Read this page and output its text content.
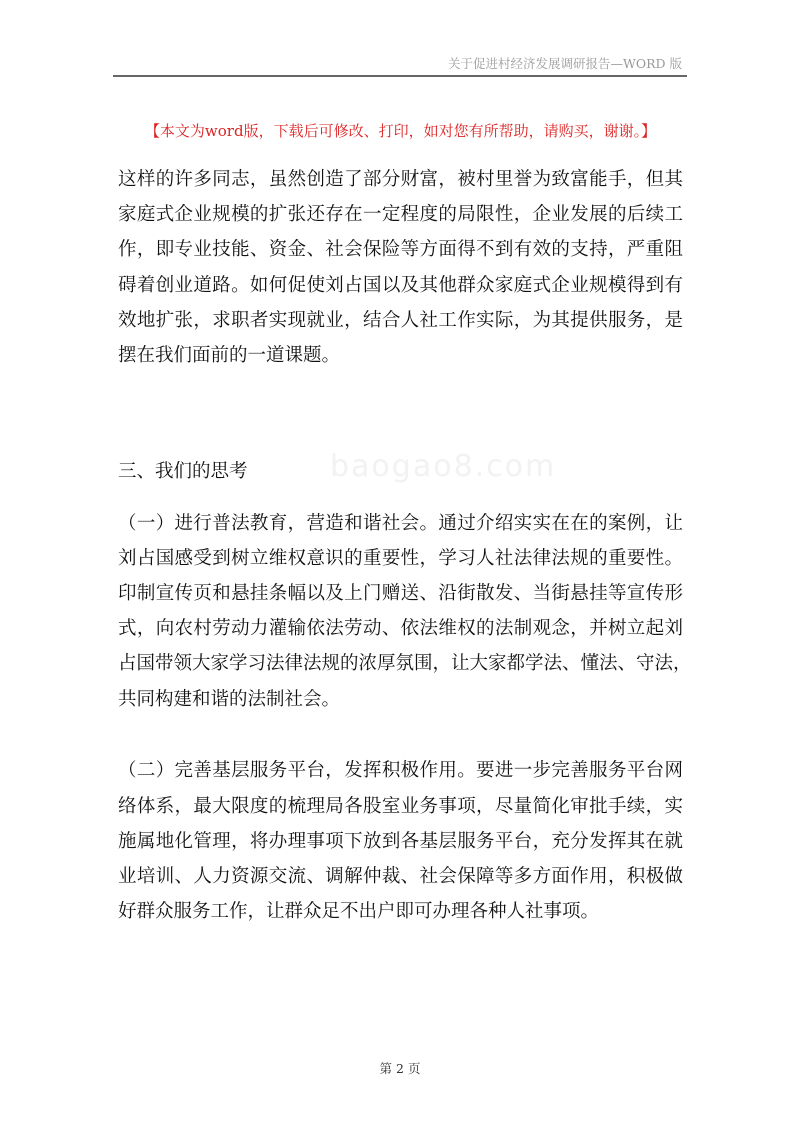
关于促进村经济发展调研报告—WORD 版
【本文为word版，下载后可修改、打印，如对您有所帮助，请购买，谢谢。】
baogao8.com
这样的许多同志，虽然创造了部分财富，被村里誉为致富能手，但其
家庭式企业规模的扩张还存在一定程度的局限性，企业发展的后续工
作，即专业技能、资金、社会保险等方面得不到有效的支持，严重阻
碍着创业道路。如何促使刘占国以及其他群众家庭式企业规模得到有
效地扩张，求职者实现就业，结合人社工作实际，为其提供服务，是
摆在我们面前的一道课题。
三、我们的思考
（一）进行普法教育，营造和谐社会。通过介绍实实在在的案例，让
刘占国感受到树立维权意识的重要性，学习人社法律法规的重要性。
印制宣传页和悬挂条幅以及上门赠送、沿街散发、当街悬挂等宣传形
式，向农村劳动力灌输依法劳动、依法维权的法制观念，并树立起刘
占国带领大家学习法律法规的浓厚氛围，让大家都学法、懂法、守法，
共同构建和谐的法制社会。
（二）完善基层服务平台，发挥积极作用。要进一步完善服务平台网
络体系，最大限度的梳理局各股室业务事项，尽量简化审批手续，实
施属地化管理，将办理事项下放到各基层服务平台，充分发挥其在就
业培训、人力资源交流、调解仲裁、社会保障等多方面作用，积极做
好群众服务工作，让群众足不出户即可办理各种人社事项。
第 2 页
